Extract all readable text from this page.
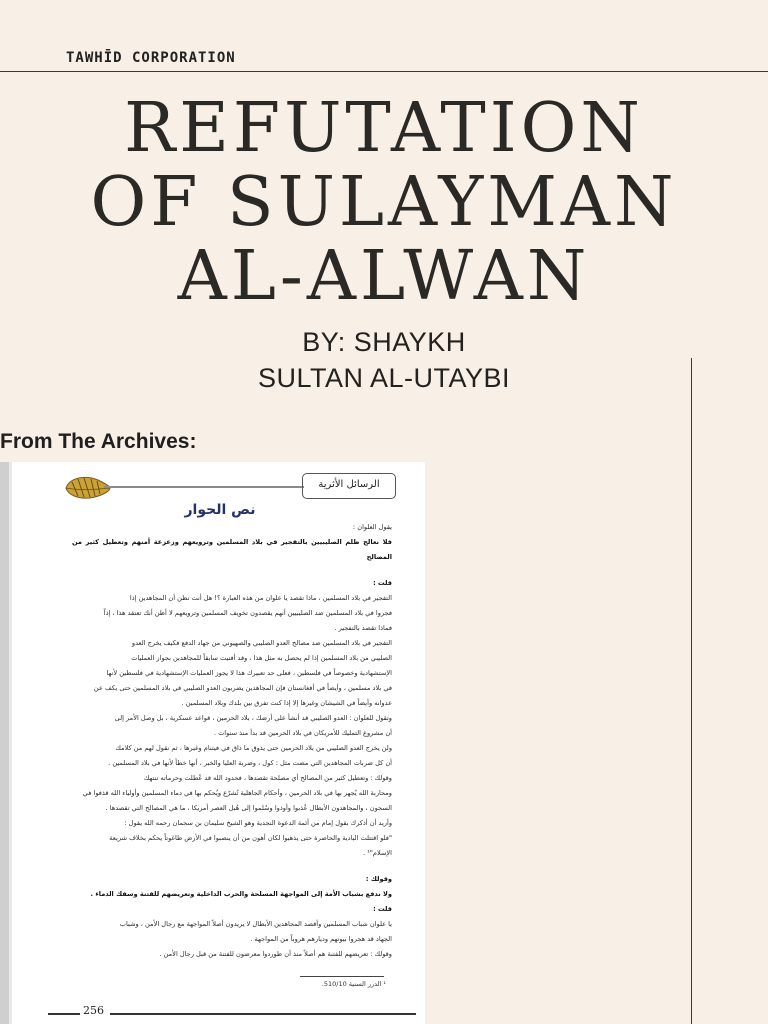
TAWHĪD CORPORATION
REFUTATION
OF SULAYMAN
AL-ALWAN
BY: SHAYKH
SULTAN AL-UTAYBI
From The Archives:
الرسائل الأثرية
نص الحوار

يقول العلوان :

فلا نعالج ظلم الصليبيين بالتفجير في بلاد المسلمين وترويعهم وزعزعة أمنهم وتعطيل كثير من المصالح

قلت :

التفجير في بلاد المسلمين ، ماذا تقصد يا علوان من هذه العبارة ؟! هل أنت تظن أن المجاهدين إذا

فجروا في بلاد المسلمين ضد الصليبيين أنهم يقصدون تخويف المسلمين وترويعهم لا أظن أنك تعتقد هذا ، إذاً

فماذا تقصد بالتفجير .

التفجير في بلاد المسلمين ضد مصالح العدو الصليبي والصهيوني من جهاد الدفع فكيف يخرج العدو

الصليبي من بلاد المسلمين إذا لم يحصل به مثل هذا ، وقد أفتيت سابقاً للمجاهدين بجواز العمليات

الإستشهادية وخصوصاً في فلسطين ، فعلى حد تعبيرك هذا لا يجوز العمليات الإستشهادية في فلسطين لأنها

في بلاد مسلمين ، وأيضاً في أفغانستان فإن المجاهدين يضربون العدو الصليبي في بلاد المسلمين حتى يكف عن

عدوانه وأيضاً في الشيشان وغيرها إلا إذا كنت تفرق بين بلدك وبلاد المسلمين .

وتقول للعلوان : العدو الصليبي قد أنشأ على أرضك ، بلاد الحرمين ، قواعد عسكرية ، بل وصل الأمر إلى

أن مشروع التمليك للأمريكان في بلاد الحرمين قد بدأ منذ سنوات .

ولن يخرج العدو الصليبي من بلاد الحرمين حتى يذوق ما ذاق في فيتنام وغيرها ، ثم نقول لهم من كلامك

أن كل ضربات المجاهدين التي مضت مثل : كول ، وضربة العليا والخبر ، أنها خطأ لأنها في بلاد المسلمين .

وقولك : وتعطيل كثير من المصالح أي مصلحة تقصدها ، فحدود الله قد عُطلت وحرماته تنتهك

ومحاربة الله يُجهر بها في بلاد الحرمين ، وأحكام الجاهلية تُشرّع ويُحكم بها في دماء المسلمين وأولياء الله قذفوا في

السجون ، والمجاهدون الأبطال عُذبوا وأوذوا وسُلموا إلى هُبل العصر أمريكا ، ما هي المصالح التي تقصدها .

وأريد أن أذكرك بقول إمام من أئمة الدعوة النجدية وهو الشيخ سليمان بن سحمان رحمه الله يقول :

"فلو اقتتلت البادية والحاضرة حتى يذهبوا لكان أهون من أن ينصبوا في الأرض طاغوتاً يحكم بخلاف شريعة

الإسلام"¹ .

وقولك :

ولا ندفع بشباب الأمة إلى المواجهة المسلحة والحرب الداخلية وتعريضهم للفتنة وسفك الدماء .

قلت :

يا علوان شباب المسلمين وأقصد المجاهدين الأبطال لا يريدون أصلاً المواجهة مع رجال الأمن ، وشباب

الجهاد قد هجروا بيوتهم وديارهم هروباً من المواجهة .

وقولك : تعريضهم للفتنة هم أصلاً منذ أن طوردوا معرضون للفتنة من قبل رجال الأمن .

¹ الدرر السنية 510/10.
256
